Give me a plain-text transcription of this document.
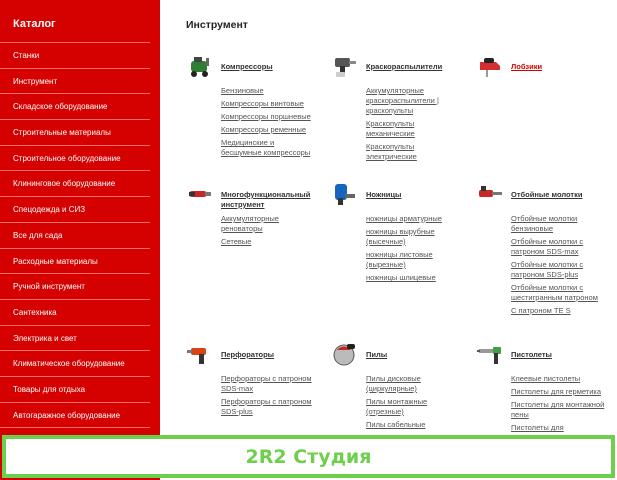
Каталог
Станки
Инструмент
Складское оборудование
Строительные материалы
Строительное оборудование
Клининговое оборудование
Спецодежда и СИЗ
Все для сада
Расходные материалы
Ручной инструмент
Сантехника
Электрика и свет
Климатическое оборудование
Товары для отдыха
Автогаражное оборудование
Инструмент
Компрессоры
Бензиновые
Компрессоры винтовые
Компрессоры поршневые
Компрессоры ременные
Медицинские и бесшумные компрессоры
Краскораспылители
Аккумуляторные краскораспылители | краскопульты
Краскопульты механические
Краскопульты электрические
Лобзики
Многофункциональный инструмент
Аккумуляторные реноваторы
Сетевые
Ножницы
ножницы арматурные
ножницы вырубные (высечные)
ножницы листовые (вырезные)
ножницы шлицевые
Отбойные молотки
Отбойные молотки бензиновые
Отбойные молотки с патроном SDS-max
Отбойные молотки с патроном SDS-plus
Отбойные молотки с шестигранным патроном
С патроном TE S
Перфораторы
Перфораторы с патроном SDS-max
Перфораторы с патроном SDS-plus
Пилы
Пилы дисковые (циркулярные)
Пилы монтажные (отрезные)
Пилы сабельные
Пистолеты
Клеевые пистолеты
Пистолеты для герметика
Пистолеты для монтажной пены
Пистолеты для
2R2 Студия
